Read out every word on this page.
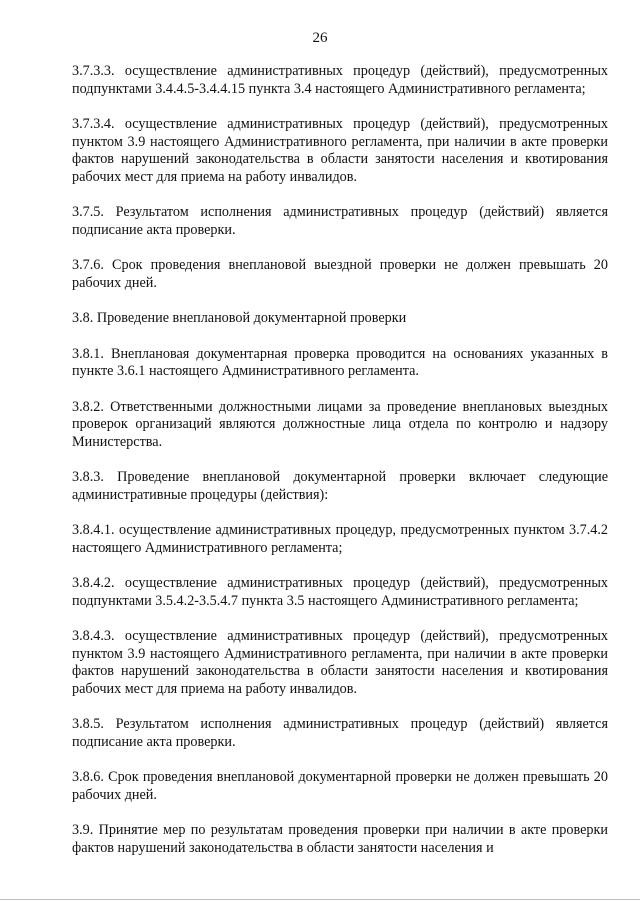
26

3.7.3.3. осуществление административных процедур (действий), предусмотренных подпунктами 3.4.4.5-3.4.4.15 пункта 3.4 настоящего Административного регламента;

3.7.3.4. осуществление административных процедур (действий), предусмотренных пунктом 3.9 настоящего Административного регламента, при наличии в акте проверки фактов нарушений законодательства в области занятости населения и квотирования рабочих мест для приема на работу инвалидов.

3.7.5. Результатом исполнения административных процедур (действий) является подписание акта проверки.

3.7.6. Срок проведения внеплановой выездной проверки не должен превышать 20 рабочих дней.

3.8. Проведение внеплановой документарной проверки

3.8.1. Внеплановая документарная проверка проводится на основаниях указанных в пункте 3.6.1 настоящего Административного регламента.

3.8.2. Ответственными должностными лицами за проведение внеплановых выездных проверок организаций являются должностные лица отдела по контролю и надзору Министерства.

3.8.3. Проведение внеплановой документарной проверки включает следующие административные процедуры (действия):

3.8.4.1. осуществление административных процедур, предусмотренных пунктом 3.7.4.2 настоящего Административного регламента;

3.8.4.2. осуществление административных процедур (действий), предусмотренных подпунктами 3.5.4.2-3.5.4.7 пункта 3.5 настоящего Административного регламента;

3.8.4.3. осуществление административных процедур (действий), предусмотренных пунктом 3.9 настоящего Административного регламента, при наличии в акте проверки фактов нарушений законодательства в области занятости населения и квотирования рабочих мест для приема на работу инвалидов.

3.8.5. Результатом исполнения административных процедур (действий) является подписание акта проверки.

3.8.6. Срок проведения внеплановой документарной проверки не должен превышать 20 рабочих дней.

3.9. Принятие мер по результатам проведения проверки при наличии в акте проверки фактов нарушений законодательства в области занятости населения и
